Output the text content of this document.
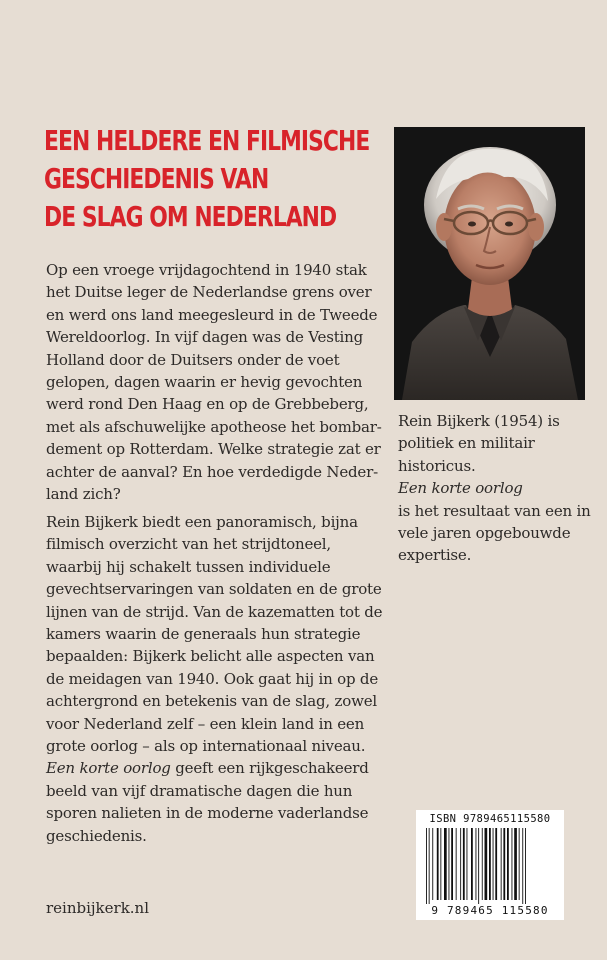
EEN HELDERE EN FILMISCHE
GESCHIEDENIS VAN
DE SLAG OM NEDERLAND

Op een vroege vrijdagochtend in 1940 stak
het Duitse leger de Nederlandse grens over
en werd ons land meegesleurd in de Tweede
Wereldoorlog. In vijf dagen was de Vesting
Holland door de Duitsers onder de voet
gelopen, dagen waarin er hevig gevochten
werd rond Den Haag en op de Grebbeberg,
met als afschuwelijke apotheose het bombar-
dement op Rotterdam. Welke strategie zat er
achter de aanval? En hoe verdedigde Neder-
land zich?

Rein Bijkerk biedt een panoramisch, bijna
filmisch overzicht van het strijdtoneel,
waarbij hij schakelt tussen individuele
gevechtservaringen van soldaten en de grote
lijnen van de strijd. Van de kazematten tot de
kamers waarin de generaals hun strategie
bepaalden: Bijkerk belicht alle aspecten van
de meidagen van 1940. Ook gaat hij in op de
achtergrond en betekenis van de slag, zowel
voor Nederland zelf – een klein land in een
grote oorlog – als op internationaal niveau.
Een korte oorlog geeft een rijkgeschakeerd
beeld van vijf dramatische dagen die hun
sporen nalieten in de moderne vaderlandse
geschiedenis.

Rein Bijkerk (1954) is
politiek en militair
historicus.
Een korte oorlog
is het resultaat van een in
vele jaren opgebouwde
expertise.

reinbijkerk.nl
ISBN 9789465115580
9 789465 115580
